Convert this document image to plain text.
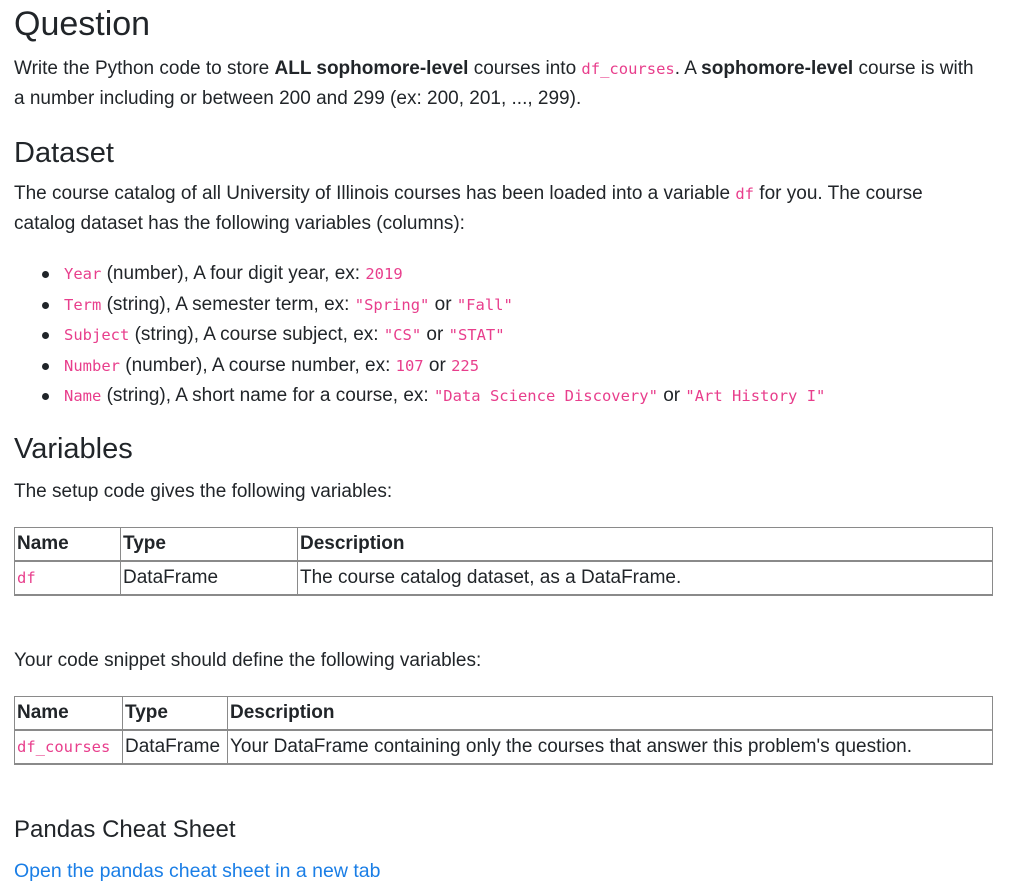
Question

Write the Python code to store ALL sophomore-level courses into df_courses. A sophomore-level course is with a number including or between 200 and 299 (ex: 200, 201, ..., 299).

Dataset

The course catalog of all University of Illinois courses has been loaded into a variable df for you. The course catalog dataset has the following variables (columns):

Year (number), A four digit year, ex: 2019
Term (string), A semester term, ex: "Spring" or "Fall"
Subject (string), A course subject, ex: "CS" or "STAT"
Number (number), A course number, ex: 107 or 225
Name (string), A short name for a course, ex: "Data Science Discovery" or "Art History I"
Variables

The setup code gives the following variables:

Name	Type	Description
df	DataFrame	The course catalog dataset, as a DataFrame.

Your code snippet should define the following variables:

Name	Type	Description
df_courses	DataFrame	Your DataFrame containing only the courses that answer this problem's question.
Pandas Cheat Sheet
Open the pandas cheat sheet in a new tab
